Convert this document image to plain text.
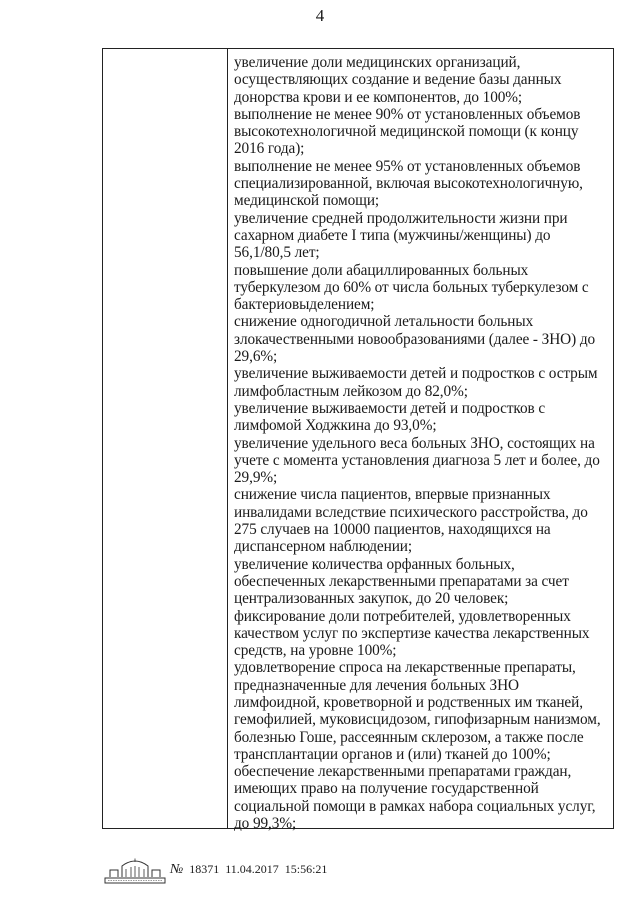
4
увеличение доли медицинских организаций,
осуществляющих создание и ведение базы данных
донорства крови и ее компонентов, до 100%;
выполнение не менее 90% от установленных объемов
высокотехнологичной медицинской помощи (к концу
2016 года);
выполнение не менее 95% от установленных объемов
специализированной, включая высокотехнологичную,
медицинской помощи;
увеличение средней продолжительности жизни при
сахарном диабете I типа (мужчины/женщины) до
56,1/80,5 лет;
повышение доли абациллированных больных
туберкулезом до 60% от числа больных туберкулезом с
бактериовыделением;
снижение одногодичной летальности больных
злокачественными новообразованиями (далее - ЗНО) до
29,6%;
увеличение выживаемости детей и подростков с острым
лимфобластным лейкозом до 82,0%;
увеличение выживаемости детей и подростков с
лимфомой Ходжкина до 93,0%;
увеличение удельного веса больных ЗНО, состоящих на
учете с момента установления диагноза 5 лет и более, до
29,9%;
снижение числа пациентов, впервые признанных
инвалидами вследствие психического расстройства, до
275 случаев на 10000 пациентов, находящихся на
диспансерном наблюдении;
увеличение количества орфанных больных,
обеспеченных лекарственными препаратами за счет
централизованных закупок, до 20 человек;
фиксирование доли потребителей, удовлетворенных
качеством услуг по экспертизе качества лекарственных
средств, на уровне 100%;
удовлетворение спроса на лекарственные препараты,
предназначенные для лечения больных ЗНО
лимфоидной, кроветворной и родственных им тканей,
гемофилией, муковисцидозом, гипофизарным нанизмом,
болезнью Гоше, рассеянным склерозом, а также после
трансплантации органов и (или) тканей до 100%;
обеспечение лекарственными препаратами граждан,
имеющих право на получение государственной
социальной помощи в рамках набора социальных услуг,
до 99,3%;
№ 18371 11.04.2017 15:56:21
